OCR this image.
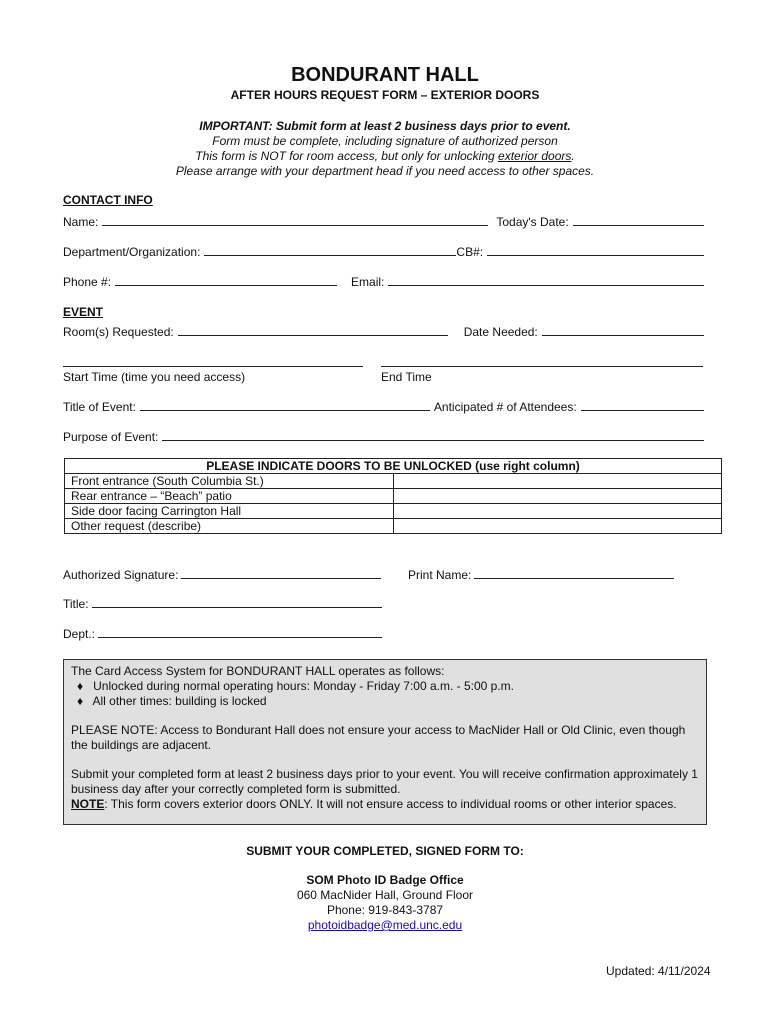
BONDURANT HALL
AFTER HOURS REQUEST FORM – EXTERIOR DOORS
IMPORTANT: Submit form at least 2 business days prior to event.
Form must be complete, including signature of authorized person
This form is NOT for room access, but only for unlocking exterior doors.
Please arrange with your department head if you need access to other spaces.
CONTACT INFO
Name:	Today's Date:
Department/Organization:	CB#:
Phone #:	Email:
EVENT
Room(s) Requested:	Date Needed:
Start Time (time you need access)	End Time
Title of Event:	Anticipated # of Attendees:
Purpose of Event:
PLEASE INDICATE DOORS TO BE UNLOCKED (use right column)	
Front entrance (South Columbia St.)	
Rear entrance – “Beach” patio	
Side door facing Carrington Hall	
Other request (describe)	
Authorized Signature:	Print Name:
Title:
Dept.:

The Card Access System for BONDURANT HALL operates as follows:

♦ Unlocked during normal operating hours: Monday - Friday 7:00 a.m. - 5:00 p.m.

♦ All other times: building is locked

PLEASE NOTE: Access to Bondurant Hall does not ensure your access to MacNider Hall or Old Clinic, even though the buildings are adjacent.

Submit your completed form at least 2 business days prior to your event. You will receive confirmation approximately 1 business day after your correctly completed form is submitted.

NOTE: This form covers exterior doors ONLY. It will not ensure access to individual rooms or other interior spaces.

SUBMIT YOUR COMPLETED, SIGNED FORM TO:
SOM Photo ID Badge Office
060 MacNider Hall, Ground Floor
Phone: 919-843-3787
photoidbadge@med.unc.edu
Updated: 4/11/2024
